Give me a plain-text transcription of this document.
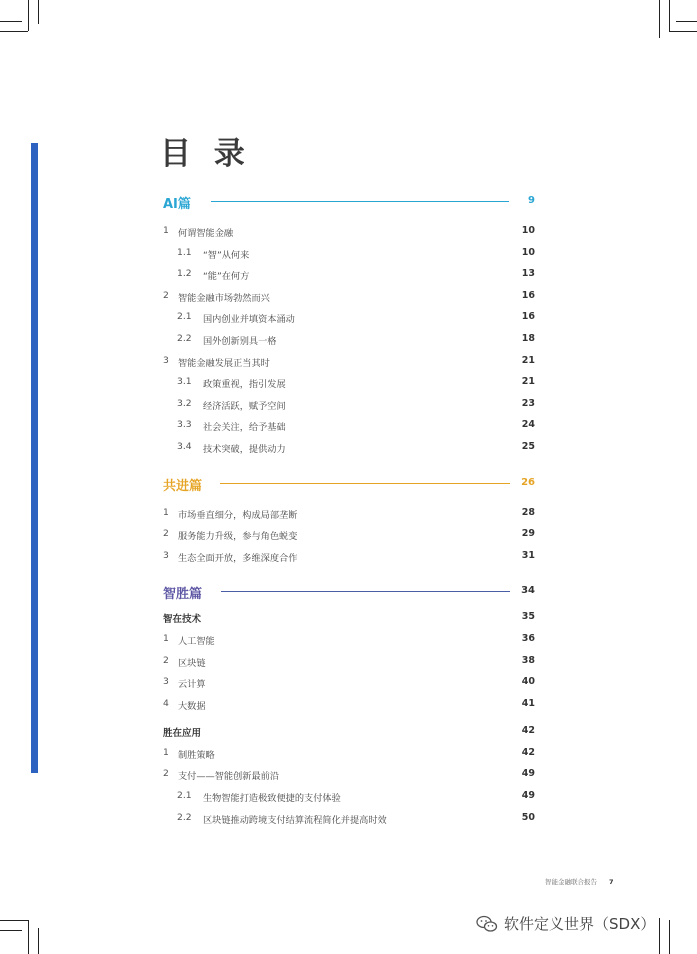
目 录
AI篇	9
1 何谓智能金融	10
1.1 “智”从何来	10
1.2 “能”在何方	13
2 智能金融市场勃然而兴	16
2.1 国内创业并填资本涌动	16
2.2 国外创新别具一格	18
3 智能金融发展正当其时	21
3.1 政策重视，指引发展	21
3.2 经济活跃，赋予空间	23
3.3 社会关注，给予基础	24
3.4 技术突破，提供动力	25
共进篇	26
1 市场垂直细分，构成局部垄断	28
2 服务能力升级，参与角色蜕变	29
3 生态全面开放，多维深度合作	31
智胜篇	34
智在技术	35
1 人工智能	36
2 区块链	38
3 云计算	40
4 大数据	41
胜在应用	42
1 制胜策略	42
2 支付——智能创新最前沿	49
2.1 生物智能打造极致便捷的支付体验	49
2.2 区块链推动跨境支付结算流程简化并提高时效	50
智能金融联合报告 7
软件定义世界（SDX）
